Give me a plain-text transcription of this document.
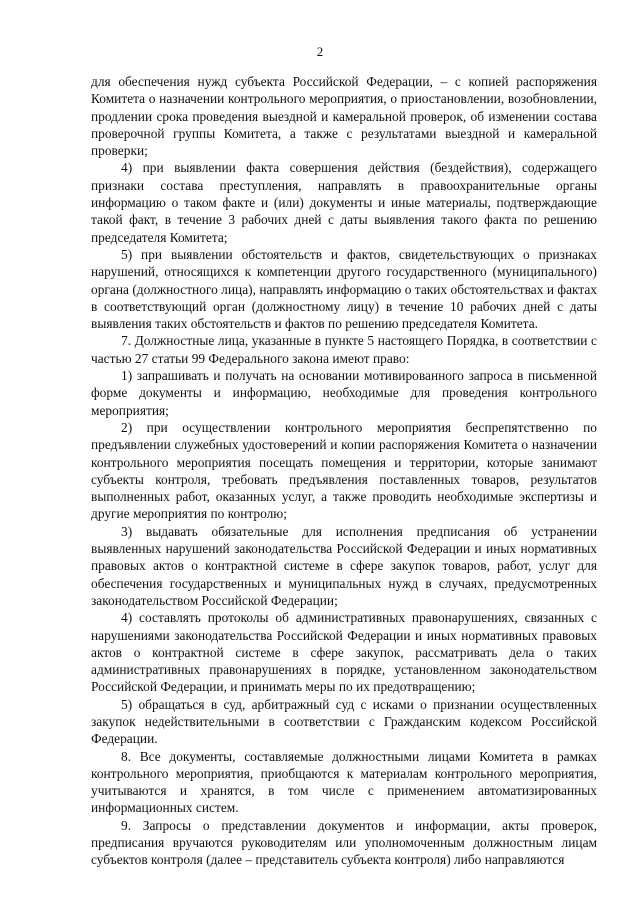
2

для обеспечения нужд субъекта Российской Федерации, – с копией распоряжения Комитета о назначении контрольного мероприятия, о приостановлении, возобновлении, продлении срока проведения выездной и камеральной проверок, об изменении состава проверочной группы Комитета, а также с результатами выездной и камеральной проверки;

4) при выявлении факта совершения действия (бездействия), содержащего признаки состава преступления, направлять в правоохранительные органы информацию о таком факте и (или) документы и иные материалы, подтверждающие такой факт, в течение 3 рабочих дней с даты выявления такого факта по решению председателя Комитета;

5) при выявлении обстоятельств и фактов, свидетельствующих о признаках нарушений, относящихся к компетенции другого государственного (муниципального) органа (должностного лица), направлять информацию о таких обстоятельствах и фактах в соответствующий орган (должностному лицу) в течение 10 рабочих дней с даты выявления таких обстоятельств и фактов по решению председателя Комитета.

7. Должностные лица, указанные в пункте 5 настоящего Порядка, в соответствии с частью 27 статьи 99 Федерального закона имеют право:

1) запрашивать и получать на основании мотивированного запроса в письменной форме документы и информацию, необходимые для проведения контрольного мероприятия;

2) при осуществлении контрольного мероприятия беспрепятственно по предъявлении служебных удостоверений и копии распоряжения Комитета о назначении контрольного мероприятия посещать помещения и территории, которые занимают субъекты контроля, требовать предъявления поставленных товаров, результатов выполненных работ, оказанных услуг, а также проводить необходимые экспертизы и другие мероприятия по контролю;

3) выдавать обязательные для исполнения предписания об устранении выявленных нарушений законодательства Российской Федерации и иных нормативных правовых актов о контрактной системе в сфере закупок товаров, работ, услуг для обеспечения государственных и муниципальных нужд в случаях, предусмотренных законодательством Российской Федерации;

4) составлять протоколы об административных правонарушениях, связанных с нарушениями законодательства Российской Федерации и иных нормативных правовых актов о контрактной системе в сфере закупок, рассматривать дела о таких административных правонарушениях в порядке, установленном законодательством Российской Федерации, и принимать меры по их предотвращению;

5) обращаться в суд, арбитражный суд с исками о признании осуществленных закупок недействительными в соответствии с Гражданским кодексом Российской Федерации.

8. Все документы, составляемые должностными лицами Комитета в рамках контрольного мероприятия, приобщаются к материалам контрольного мероприятия, учитываются и хранятся, в том числе с применением автоматизированных информационных систем.

9. Запросы о представлении документов и информации, акты проверок, предписания вручаются руководителям или уполномоченным должностным лицам субъектов контроля (далее – представитель субъекта контроля) либо направляются
